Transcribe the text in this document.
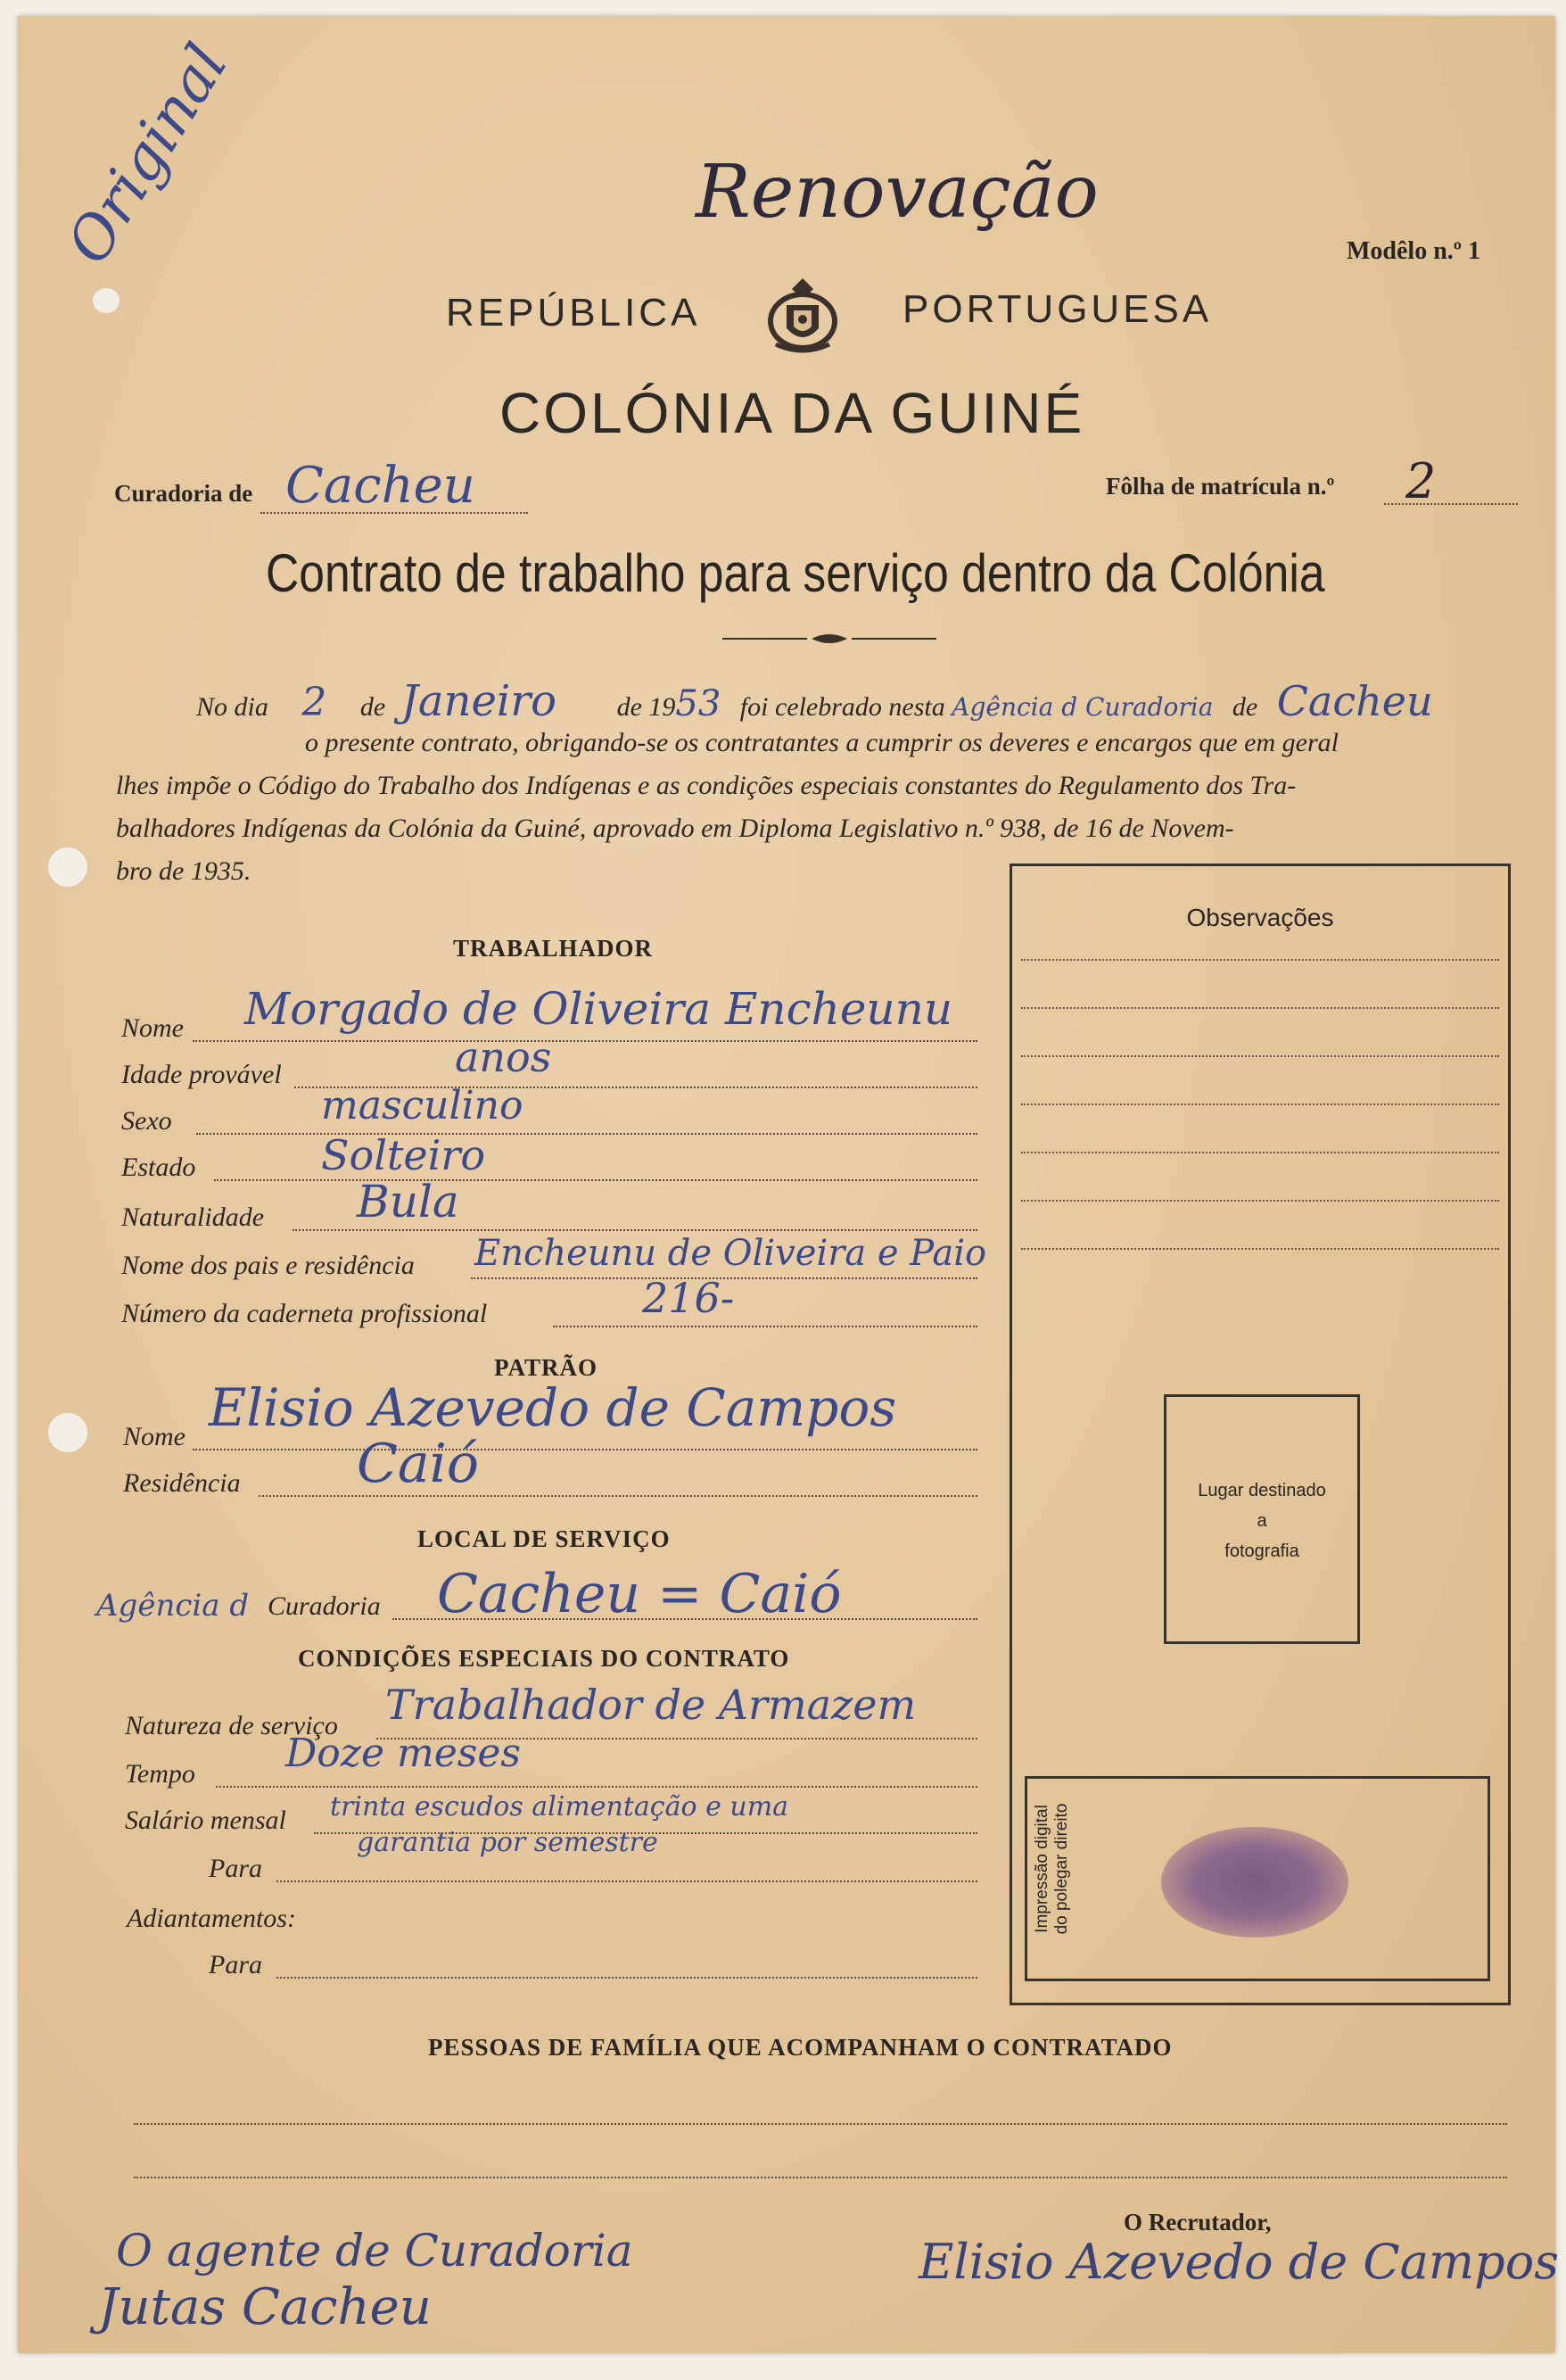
Original	Renovação
Modêlo n.º 1
REPÚBLICA	PORTUGUESA
COLÓNIA DA GUINÉ
Curadoria de Cacheu	Fôlha de matrícula n.º 2
Contrato de trabalho para serviço dentro da Colónia
No dia 2 de Janeiro de 1953 foi celebrado nesta Agência d Curadoria de Cacheu
o presente contrato, obrigando-se os contratantes a cumprir os deveres e encargos que em geral
lhes impõe o Código do Trabalho dos Indígenas e as condições especiais constantes do Regulamento dos Tra-
balhadores Indígenas da Colónia da Guiné, aprovado em Diploma Legislativo n.º 938, de 16 de Novem-
bro de 1935.
Observações
Lugar destinado
a
fotografia
Impressão digital do polegar direito
TRABALHADOR
Nome Morgado de Oliveira Encheunu
Idade provável	anos
Sexo	masculino
Estado	Solteiro
Naturalidade Bula
Nome dos pais e residência Encheunu de Oliveira e Paio
Número da caderneta profissional	216-
PATRÃO
Nome Elisio Azevedo de Campos
Residência Caió
LOCAL DE SERVIÇO
Agência d Curadoria Cacheu = Caió
CONDIÇÕES ESPECIAIS DO CONTRATO
Natureza de serviço Trabalhador de Armazem
Tempo Doze meses
Salário mensal trinta escudos alimentação e uma
garantia por semestre
Para
Adiantamentos:
Para
PESSOAS DE FAMÍLIA QUE ACOMPANHAM O CONTRATADO
O Recrutador,
O agente de Curadoria
Jutas Cacheu
Elisio Azevedo de Campos
